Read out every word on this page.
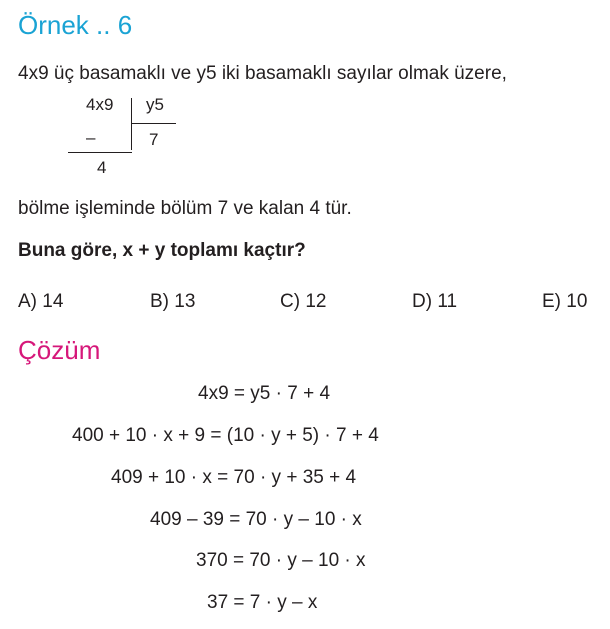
Örnek .. 6
4x9 üç basamaklı ve y5 iki basamaklı sayılar olmak üzere,
4x9 y5
–	7
4
bölme işleminde bölüm 7 ve kalan 4 tür.
Buna göre, x + y toplamı kaçtır?
A) 14	B) 13	C) 12	D) 11	E) 10
Çözüm
4x9 = y5 · 7 + 4
400 + 10 · x + 9 = (10 · y + 5) · 7 + 4
409 + 10 · x = 70 · y + 35 + 4
409 – 39 = 70 · y – 10 · x
370 = 70 · y – 10 · x
37 = 7 · y – x
